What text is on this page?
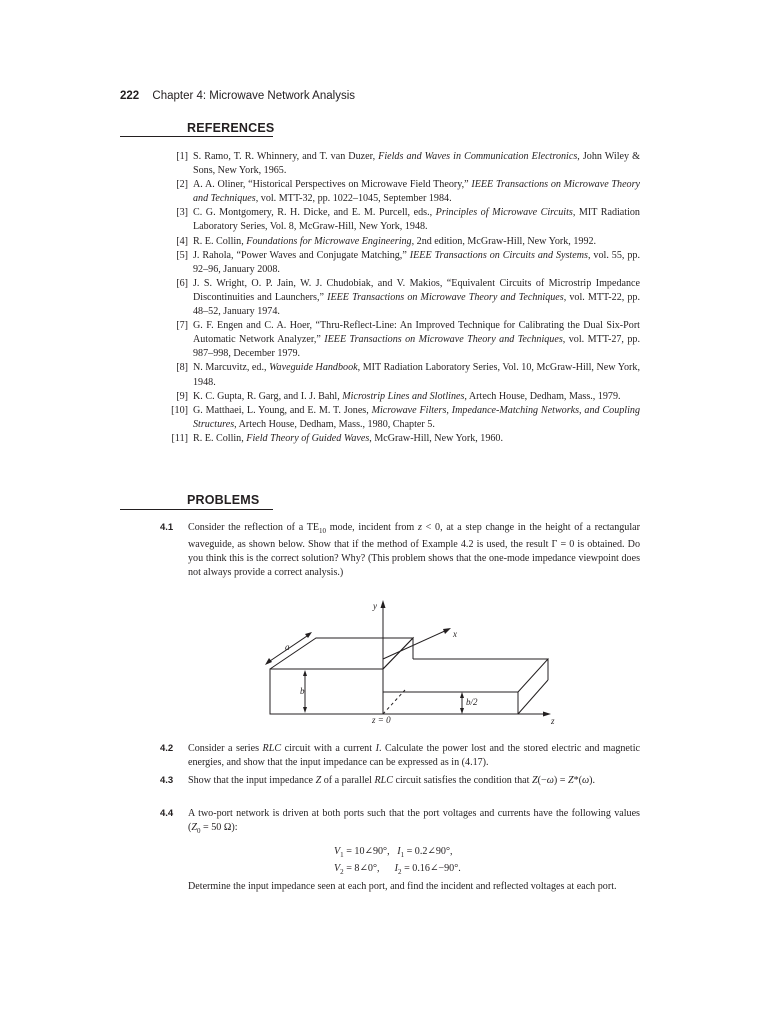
222 Chapter 4: Microwave Network Analysis
REFERENCES
[1] S. Ramo, T. R. Whinnery, and T. van Duzer, Fields and Waves in Communication Electronics, John Wiley & Sons, New York, 1965.
[2] A. A. Oliner, “Historical Perspectives on Microwave Field Theory,” IEEE Transactions on Microwave Theory and Techniques, vol. MTT-32, pp. 1022–1045, September 1984.
[3] C. G. Montgomery, R. H. Dicke, and E. M. Purcell, eds., Principles of Microwave Circuits, MIT Radiation Laboratory Series, Vol. 8, McGraw-Hill, New York, 1948.
[4] R. E. Collin, Foundations for Microwave Engineering, 2nd edition, McGraw-Hill, New York, 1992.
[5] J. Rahola, “Power Waves and Conjugate Matching,” IEEE Transactions on Circuits and Systems, vol. 55, pp. 92–96, January 2008.
[6] J. S. Wright, O. P. Jain, W. J. Chudobiak, and V. Makios, “Equivalent Circuits of Microstrip Impedance Discontinuities and Launchers,” IEEE Transactions on Microwave Theory and Techniques, vol. MTT-22, pp. 48–52, January 1974.
[7] G. F. Engen and C. A. Hoer, “Thru-Reflect-Line: An Improved Technique for Calibrating the Dual Six-Port Automatic Network Analyzer,” IEEE Transactions on Microwave Theory and Techniques, vol. MTT-27, pp. 987–998, December 1979.
[8] N. Marcuvitz, ed., Waveguide Handbook, MIT Radiation Laboratory Series, Vol. 10, McGraw-Hill, New York, 1948.
[9] K. C. Gupta, R. Garg, and I. J. Bahl, Microstrip Lines and Slotlines, Artech House, Dedham, Mass., 1979.
[10] G. Matthaei, L. Young, and E. M. T. Jones, Microwave Filters, Impedance-Matching Networks, and Coupling Structures, Artech House, Dedham, Mass., 1980, Chapter 5.
[11] R. E. Collin, Field Theory of Guided Waves, McGraw-Hill, New York, 1960.
PROBLEMS
4.1	Consider the reflection of a $TE_{10}$ mode, incident from z < 0, at a step change in the height of a rectangular waveguide, as shown below. Show that if the method of Example 4.2 is used, the result Γ = 0 is obtained. Do you think this is the correct solution? Why? (This problem shows that the one-mode impedance viewpoint does not always provide a correct analysis.)
y
x
z
a
b
b/2
z = 0
4.2	Consider a series RLC circuit with a current I. Calculate the power lost and the stored electric and magnetic energies, and show that the input impedance can be expressed as in (4.17).
4.3	Show that the input impedance Z of a parallel RLC circuit satisfies the condition that Z(−ω) = Z*(ω).
4.4	A two-port network is driven at both ports such that the port voltages and currents have the following values ($Z_0 = 50$ Ω):
$V_1$ = 10∠90°,   $I_1$ = 0.2∠90°,
$V_2$ = 8∠0°,      $I_2$ = 0.16∠−90°.
Determine the input impedance seen at each port, and find the incident and reflected voltages at each port.
